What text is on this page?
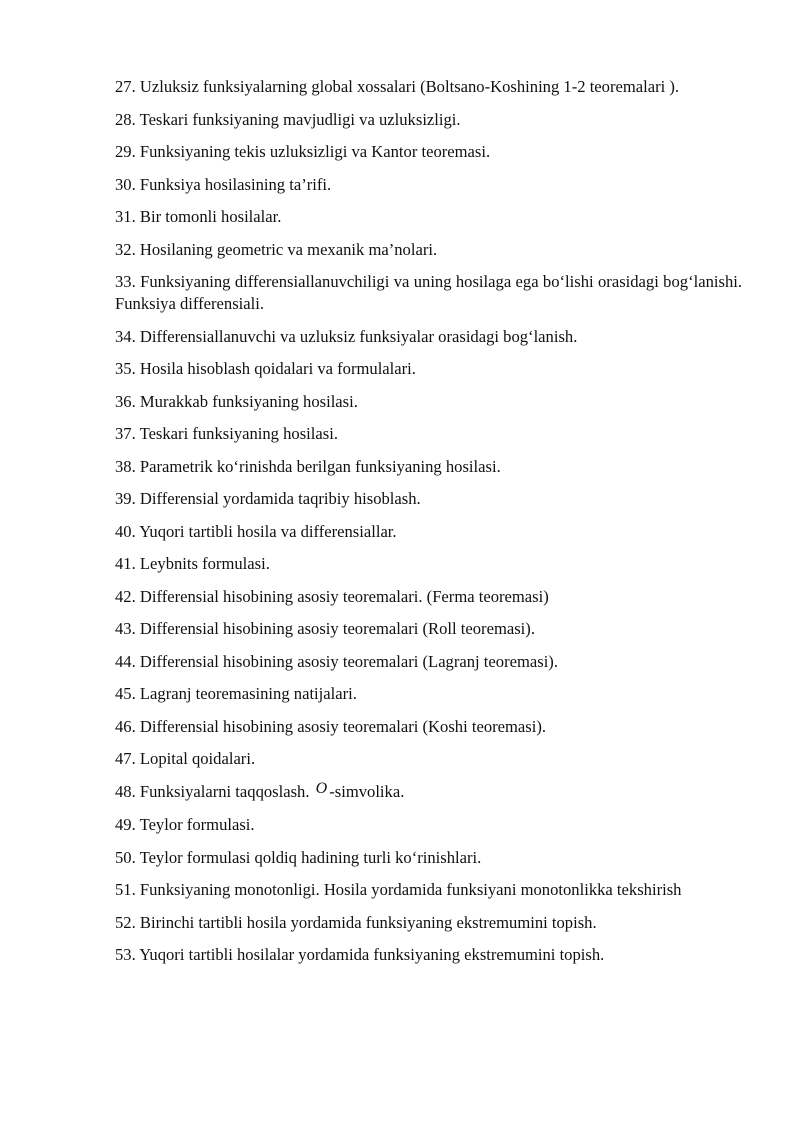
27. Uzluksiz funksiyalarning global xossalari (Boltsano-Koshining 1-2 teoremalari ).
28. Teskari funksiyaning mavjudligi va uzluksizligi.
29. Funksiyaning tekis uzluksizligi va Kantor teoremasi.
30. Funksiya hosilasining ta’rifi.
31. Bir tomonli hosilalar.
32. Hosilaning geometric va mexanik ma’nolari.
33. Funksiyaning differensiallanuvchiligi va uning hosilaga ega bo‘lishi orasidagi bog‘lanishi. Funksiya differensiali.
34. Differensiallanuvchi va uzluksiz funksiyalar orasidagi bog‘lanish.
35. Hosila hisoblash qoidalari va formulalari.
36. Murakkab funksiyaning hosilasi.
37. Teskari funksiyaning hosilasi.
38. Parametrik ko‘rinishda berilgan funksiyaning hosilasi.
39. Differensial yordamida taqribiy hisoblash.
40. Yuqori tartibli hosila va differensiallar.
41. Leybnits formulasi.
42. Differensial hisobining asosiy teoremalari. (Ferma teoremasi)
43. Differensial hisobining asosiy teoremalari (Roll teoremasi).
44. Differensial hisobining asosiy teoremalari (Lagranj teoremasi).
45. Lagranj teoremasining natijalari.
46. Differensial hisobining asosiy teoremalari (Koshi teoremasi).
47. Lopital qoidalari.
48. Funksiyalarni taqqoslash. O -simvolika.
49. Teylor formulasi.
50. Teylor formulasi qoldiq hadining turli ko‘rinishlari.
51. Funksiyaning monotonligi. Hosila yordamida funksiyani monotonlikka tekshirish
52. Birinchi tartibli hosila yordamida funksiyaning ekstremumini topish.
53. Yuqori tartibli hosilalar yordamida funksiyaning ekstremumini topish.
